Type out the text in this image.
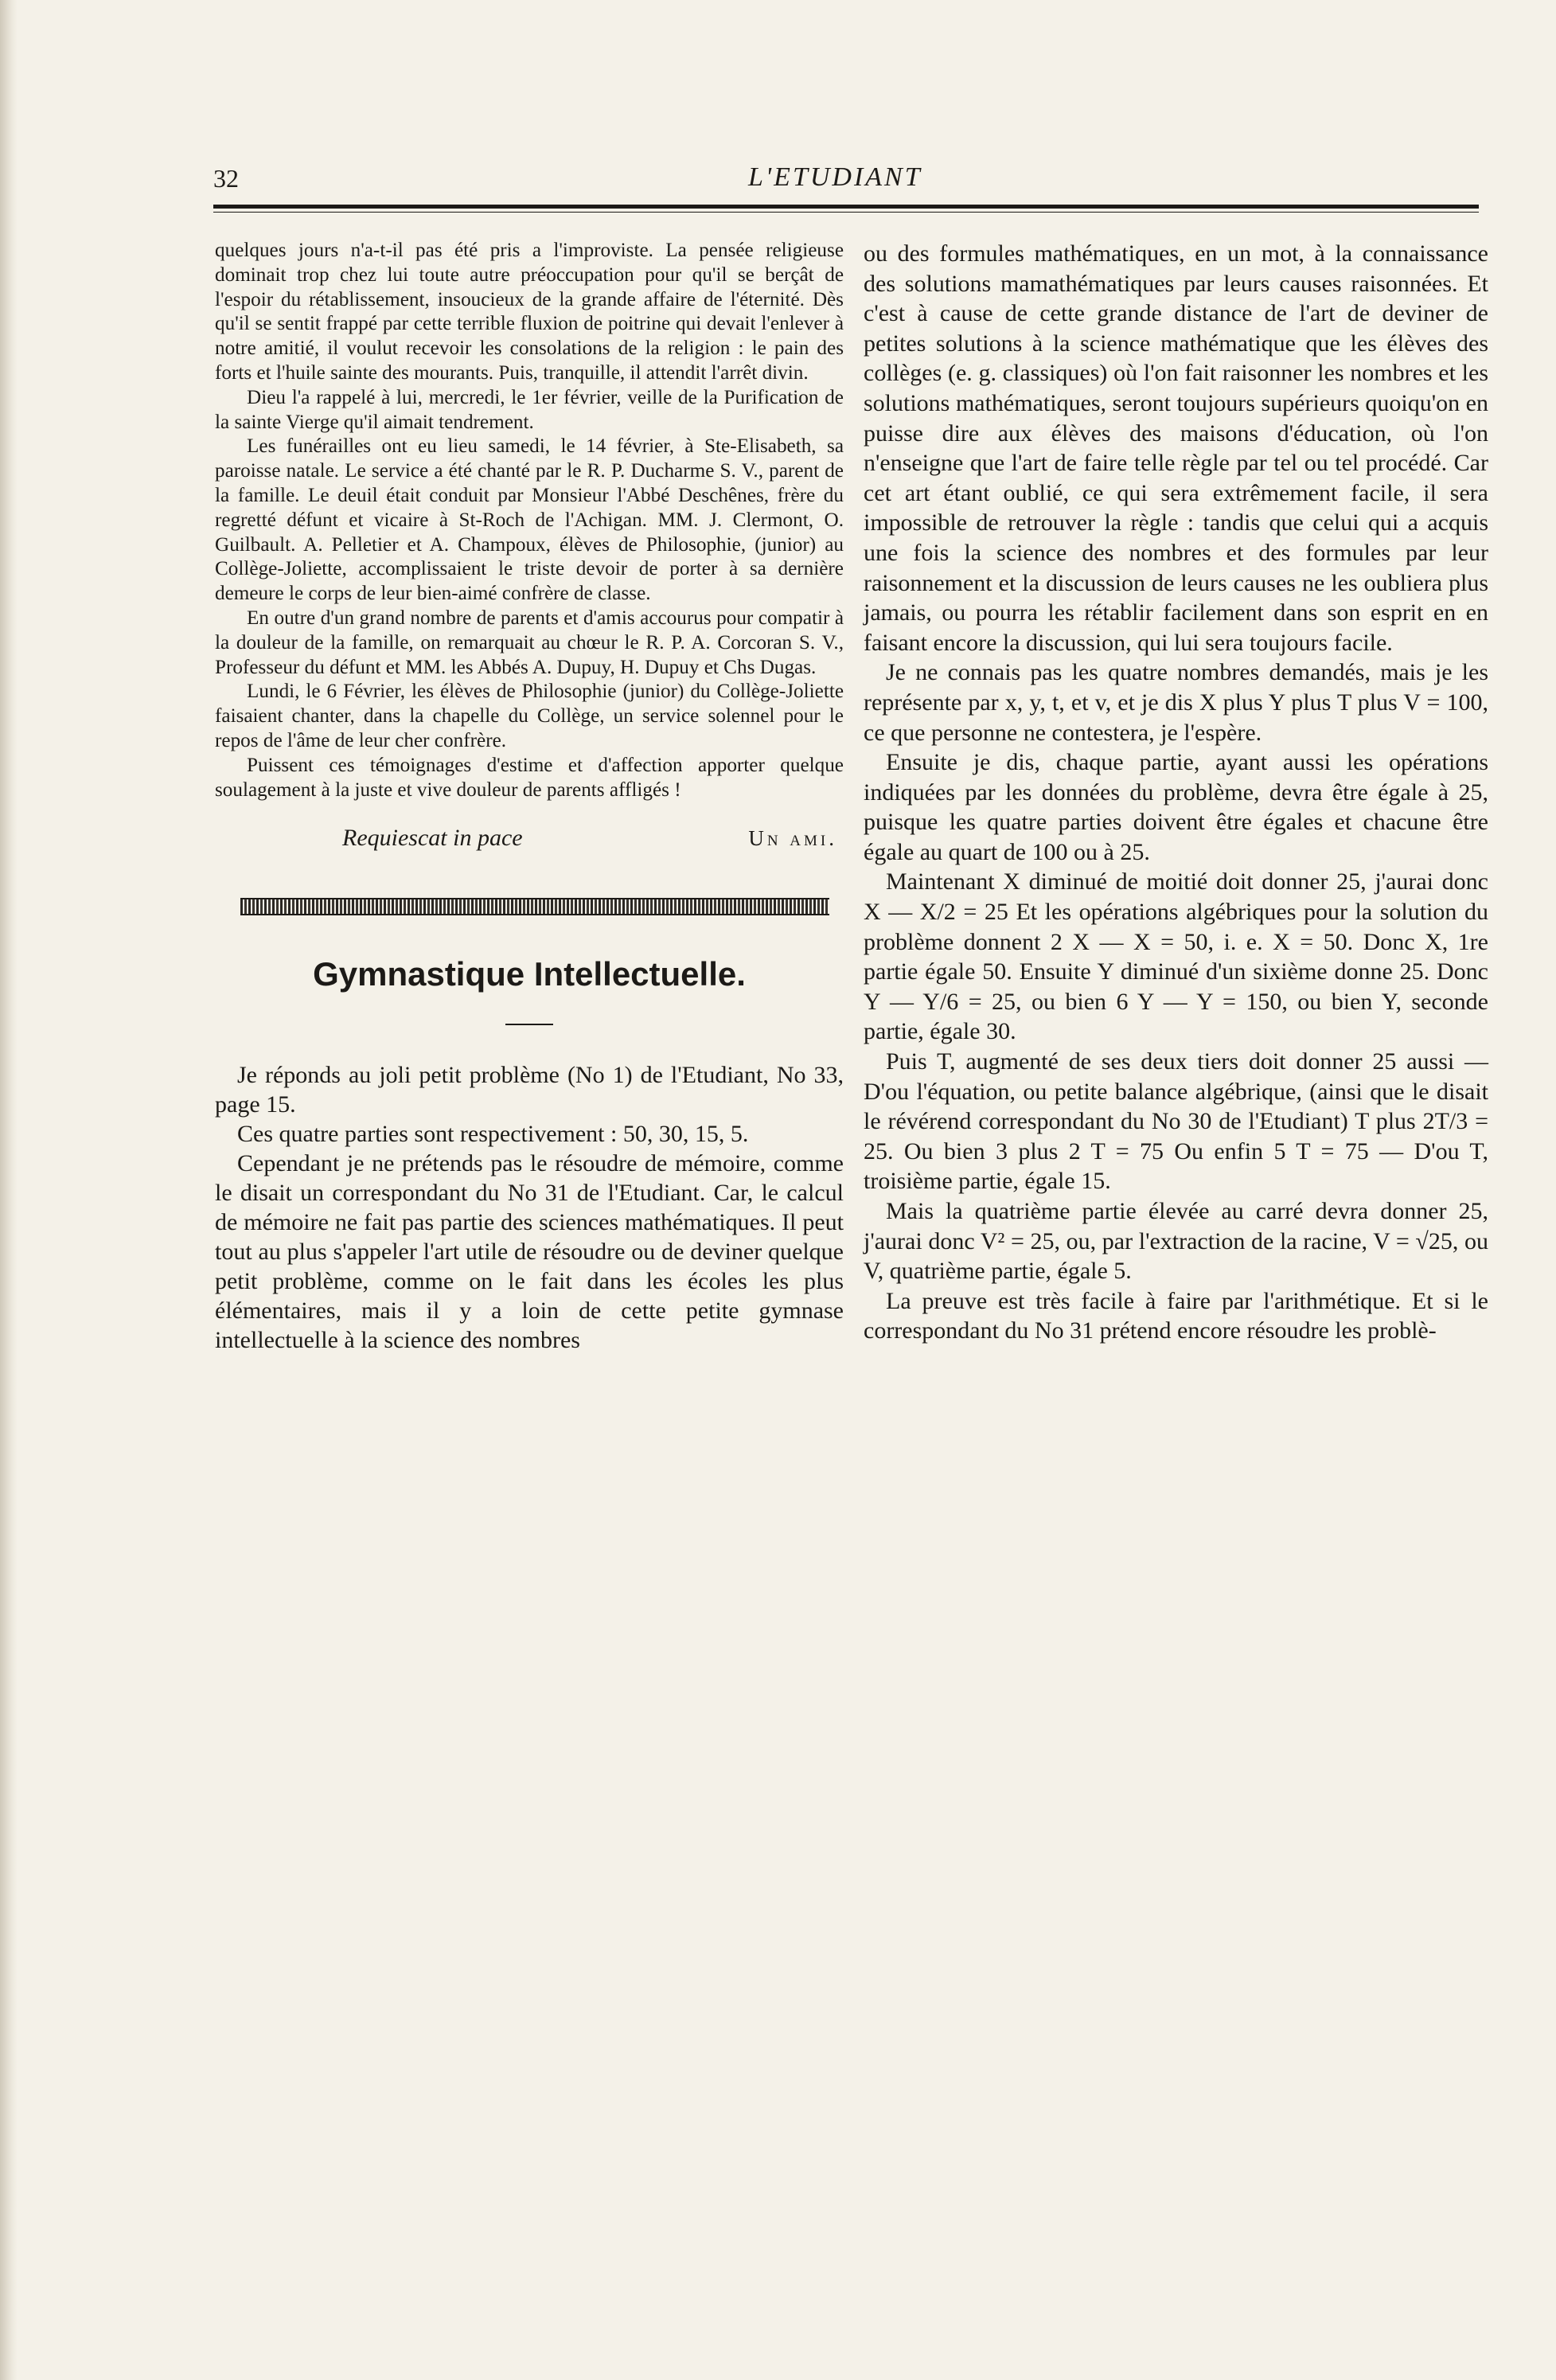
32	L'ETUDIANT

quelques jours n'a-t-il pas été pris a l'improviste. La pensée religieuse dominait trop chez lui toute autre préoccupation pour qu'il se berçât de l'espoir du rétablissement, insoucieux de la grande affaire de l'éternité. Dès qu'il se sentit frappé par cette terrible fluxion de poitrine qui devait l'enlever à notre amitié, il voulut recevoir les consolations de la religion : le pain des forts et l'huile sainte des mourants. Puis, tranquille, il attendit l'arrêt divin.

Dieu l'a rappelé à lui, mercredi, le 1er février, veille de la Purification de la sainte Vierge qu'il aimait tendrement.

Les funérailles ont eu lieu samedi, le 14 février, à Ste-Elisabeth, sa paroisse natale. Le service a été chanté par le R. P. Ducharme S. V., parent de la famille. Le deuil était conduit par Monsieur l'Abbé Deschênes, frère du regretté défunt et vicaire à St-Roch de l'Achigan. MM. J. Clermont, O. Guilbault. A. Pelletier et A. Champoux, élèves de Philosophie, (junior) au Collège-Joliette, accomplissaient le triste devoir de porter à sa dernière demeure le corps de leur bien-aimé confrère de classe.

En outre d'un grand nombre de parents et d'amis accourus pour compatir à la douleur de la famille, on remarquait au chœur le R. P. A. Corcoran S. V., Professeur du défunt et MM. les Abbés A. Dupuy, H. Dupuy et Chs Dugas.

Lundi, le 6 Février, les élèves de Philosophie (junior) du Collège-Joliette faisaient chanter, dans la chapelle du Collège, un service solennel pour le repos de l'âme de leur cher confrère.

Puissent ces témoignages d'estime et d'affection apporter quelque soulagement à la juste et vive douleur de parents affligés !

Requiescat in pace	Un ami.
Gymnastique Intellectuelle.

Je réponds au joli petit problème (No 1) de l'Etudiant, No 33, page 15.

Ces quatre parties sont respectivement : 50, 30, 15, 5.

Cependant je ne prétends pas le résoudre de mémoire, comme le disait un correspondant du No 31 de l'Etudiant. Car, le calcul de mémoire ne fait pas partie des sciences mathématiques. Il peut tout au plus s'appeler l'art utile de résoudre ou de deviner quelque petit problème, comme on le fait dans les écoles les plus élémentaires, mais il y a loin de cette petite gymnase intellectuelle à la science des nombres

ou des formules mathématiques, en un mot, à la connaissance des solutions mamathématiques par leurs causes raisonnées. Et c'est à cause de cette grande distance de l'art de deviner de petites solutions à la science mathématique que les élèves des collèges (e. g. classiques) où l'on fait raisonner les nombres et les solutions mathématiques, seront toujours supérieurs quoiqu'on en puisse dire aux élèves des maisons d'éducation, où l'on n'enseigne que l'art de faire telle règle par tel ou tel procédé. Car cet art étant oublié, ce qui sera extrêmement facile, il sera impossible de retrouver la règle : tandis que celui qui a acquis une fois la science des nombres et des formules par leur raisonnement et la discussion de leurs causes ne les oubliera plus jamais, ou pourra les rétablir facilement dans son esprit en en faisant encore la discussion, qui lui sera toujours facile.

Je ne connais pas les quatre nombres demandés, mais je les représente par x, y, t, et v, et je dis X plus Y plus T plus V = 100, ce que personne ne contestera, je l'espère.

Ensuite je dis, chaque partie, ayant aussi les opérations indiquées par les données du problème, devra être égale à 25, puisque les quatre parties doivent être égales et chacune être égale au quart de 100 ou à 25.

Maintenant X diminué de moitié doit donner 25, j'aurai donc X — X/2 = 25 Et les opérations algébriques pour la solution du problème donnent 2 X — X = 50, i. e. X = 50. Donc X, 1re partie égale 50. Ensuite Y diminué d'un sixième donne 25. Donc Y — Y/6 = 25, ou bien 6 Y — Y = 150, ou bien Y, seconde partie, égale 30.

Puis T, augmenté de ses deux tiers doit donner 25 aussi — D'ou l'équation, ou petite balance algébrique, (ainsi que le disait le révérend correspondant du No 30 de l'Etudiant) T plus 2T/3 = 25. Ou bien 3 plus 2 T = 75 Ou enfin 5 T = 75 — D'ou T, troisième partie, égale 15.

Mais la quatrième partie élevée au carré devra donner 25, j'aurai donc V² = 25, ou, par l'extraction de la racine, V = √25, ou V, quatrième partie, égale 5.

La preuve est très facile à faire par l'arithmétique. Et si le correspondant du No 31 prétend encore résoudre les problè-
